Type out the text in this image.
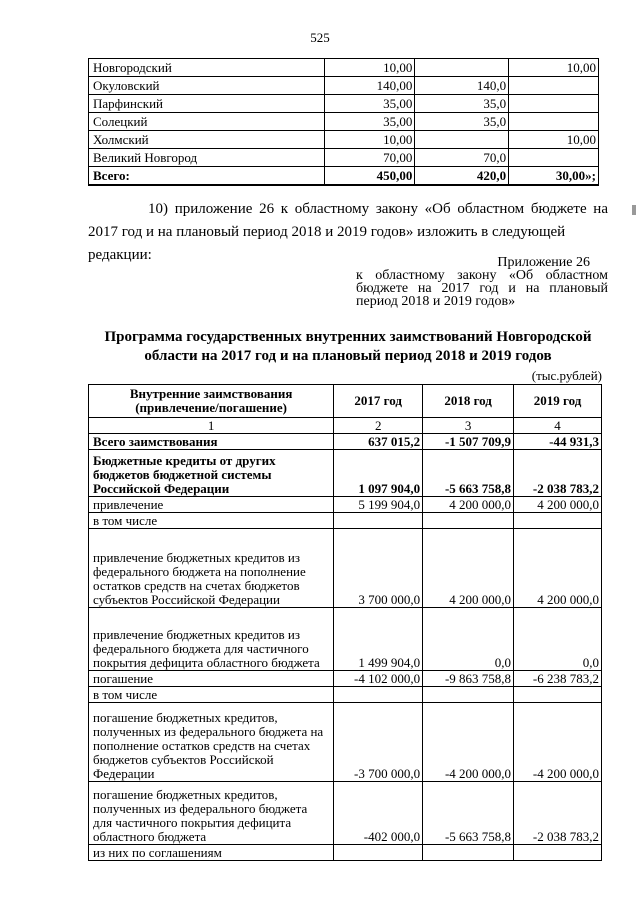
525
Новгородский	10,00		10,00
Окуловский	140,00	140,0	
Парфинский	35,00	35,0	
Солецкий	35,00	35,0	
Холмский	10,00		10,00
Великий Новгород	70,00	70,0	
Всего:	450,00	420,0	30,00»;
10) приложение 26 к областному закону «Об областном бюджете на 2017 год и на плановый период 2018 и 2019 годов» изложить в следующей
редакции:	Приложение 26
к областному закону «Об областном бюджете на 2017 год и на плановый период 2018 и 2019 годов»
Программа государственных внутренних заимствований Новгородской
области на 2017 год и на плановый период 2018 и 2019 годов
(тыс.рублей)
Внутренние заимствования (привлечение/погашение)	2017 год	2018 год	2019 год
1	2	3	4
Всего заимствования	637 015,2	-1 507 709,9	-44 931,3
Бюджетные кредиты от других бюджетов бюджетной системы Российской Федерации	1 097 904,0	-5 663 758,8	-2 038 783,2
привлечение	5 199 904,0	4 200 000,0	4 200 000,0
в том числе			
привлечение бюджетных кредитов из федерального бюджета на пополнение остатков средств на счетах бюджетов субъектов Российской Федерации	3 700 000,0	4 200 000,0	4 200 000,0
привлечение бюджетных кредитов из федерального бюджета для частичного покрытия дефицита областного бюджета	1 499 904,0	0,0	0,0
погашение	-4 102 000,0	-9 863 758,8	-6 238 783,2
в том числе			
погашение бюджетных кредитов, полученных из федерального бюджета на пополнение остатков средств на счетах бюджетов субъектов Российской Федерации	-3 700 000,0	-4 200 000,0	-4 200 000,0
погашение бюджетных кредитов, полученных из федерального бюджета для частичного покрытия дефицита областного бюджета	-402 000,0	-5 663 758,8	-2 038 783,2
из них по соглашениям			
